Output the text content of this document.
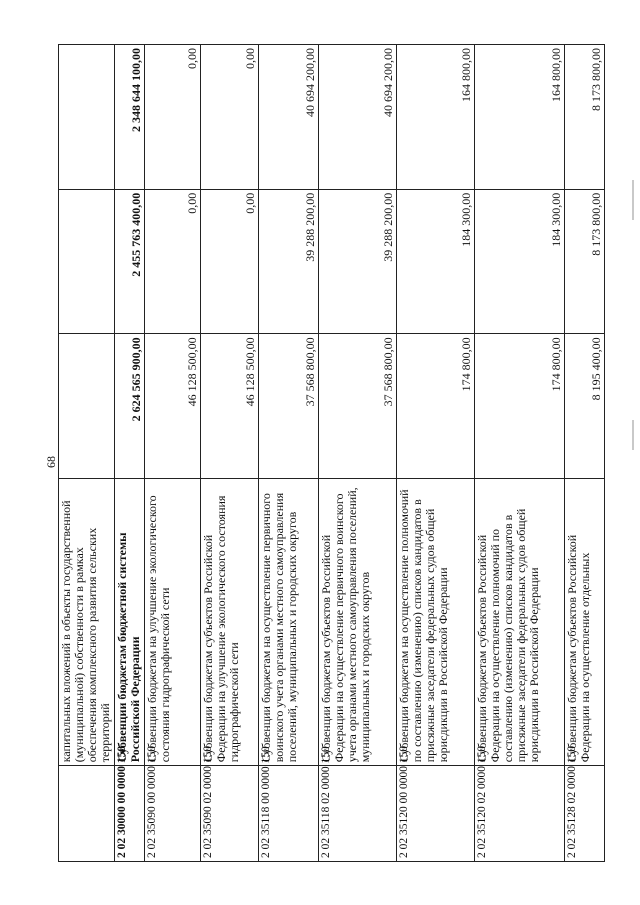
68
	капитальных вложений в объекты государственной (муниципальной) собственности в рамках обеспечения комплексного развития сельских территорий			
2 02 30000 00 0000 150	Субвенции бюджетам бюджетной системы Российской Федерации	2 624 565 900,00	2 455 763 400,00	2 348 644 100,00
2 02 35090 00 0000 150	Субвенции бюджетам на улучшение экологического состояния гидрографической сети	46 128 500,00	0,00	0,00
2 02 35090 02 0000 150	Субвенции бюджетам субъектов Российской Федерации на улучшение экологического состояния гидрографической сети	46 128 500,00	0,00	0,00
2 02 35118 00 0000 150	Субвенции бюджетам на осуществление первичного воинского учета органами местного самоуправления поселений, муниципальных и городских округов	37 568 800,00	39 288 200,00	40 694 200,00
2 02 35118 02 0000 150	Субвенции бюджетам субъектов Российской Федерации на осуществление первичного воинского учета органами местного самоуправления поселений, муниципальных и городских округов	37 568 800,00	39 288 200,00	40 694 200,00
2 02 35120 00 0000 150	Субвенции бюджетам на осуществление полномочий по составлению (изменению) списков кандидатов в присяжные заседатели федеральных судов общей юрисдикции в Российской Федерации	174 800,00	184 300,00	164 800,00
2 02 35120 02 0000 150	Субвенции бюджетам субъектов Российской Федерации на осуществление полномочий по составлению (изменению) списков кандидатов в присяжные заседатели федеральных судов общей юрисдикции в Российской Федерации	174 800,00	184 300,00	164 800,00
2 02 35128 02 0000 150	Субвенции бюджетам субъектов Российской Федерации на осуществление отдельных	8 195 400,00	8 173 800,00	8 173 800,00
